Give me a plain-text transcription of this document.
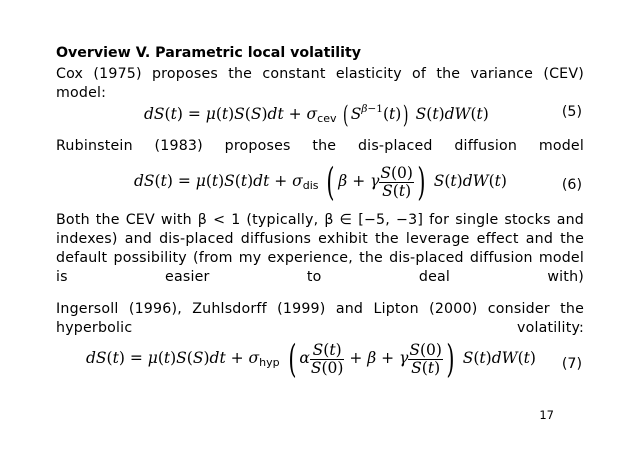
Overview V. Parametric local volatility
Cox (1975) proposes the constant elasticity of the variance (CEV) model:
$dS(t) = \mu(t)S(S)dt + \sigma_{cev}$ ( $S^{\beta-1}(t)$) S(t)dW(t)	(5)
Rubinstein (1983) proposes the dis-placed diffusion model
$dS(t) = \mu(t)S(t)dt + \sigma_{dis}$ ( β + γ $\frac{S(0)}{S(t)}$ ) S(t)dW(t)	(6)
Both the CEV with β < 1 (typically, β ∈ [−5, −3] for single stocks and indexes) and dis-placed diffusions exhibit the leverage effect and the default possibility (from my experience, the dis-placed diffusion model is easier to deal with)
Ingersoll (1996), Zuhlsdorff (1999) and Lipton (2000) consider the hyperbolic volatility:
$dS(t) = \mu(t)S(S)dt + \sigma_{hyp}$ ( α $\frac{S(t)}{S(0)} + \beta + \gamma \frac{S(0)}{S(t)}$ ) S(t)dW(t) (7)
17
